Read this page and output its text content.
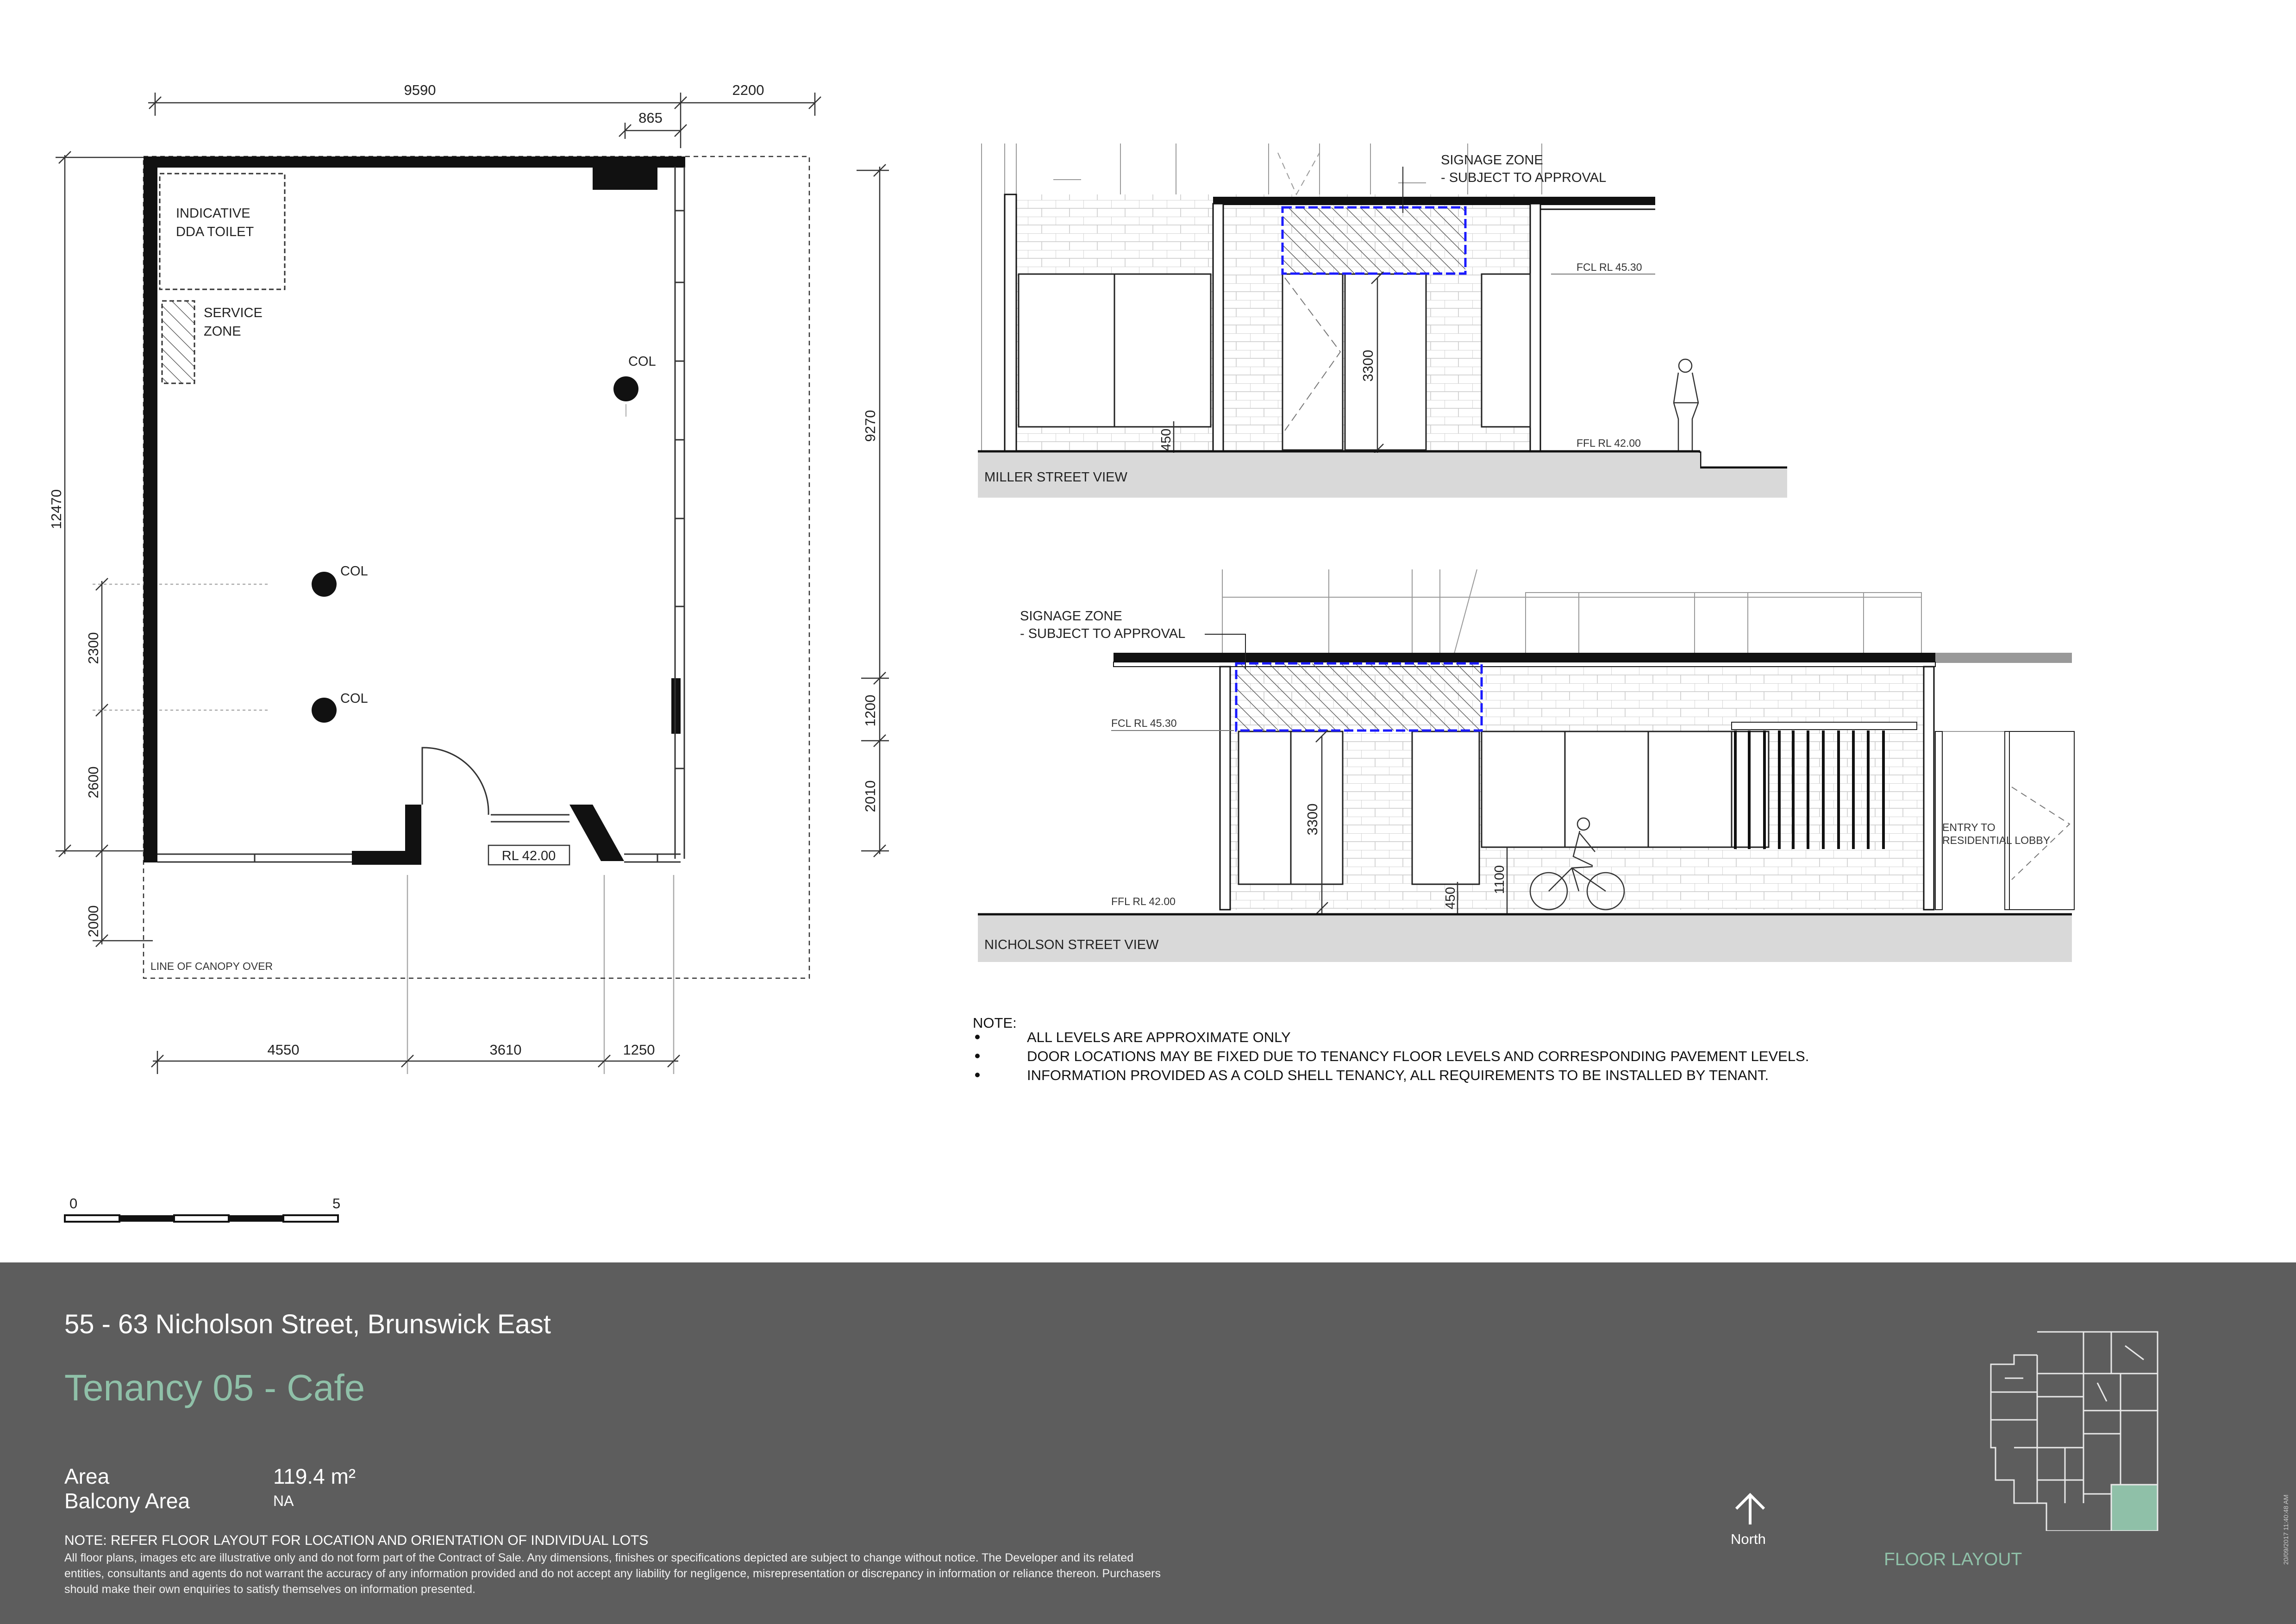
9590
865
2200
12470
2300
2600
2000
9270
1200
2010
4550	3610	1250
INDICATIVE
DDA TOILET
SERVICE
ZONE
COL
COL
COL
RL 42.00
LINE OF CANOPY OVER
SIGNAGE ZONE
- SUBJECT TO APPROVAL
3300
450
FCL RL 45.30
FFL RL 42.00
MILLER STREET VIEW
ENTRY TO
RESIDENTIAL LOBBY
SIGNAGE ZONE
- SUBJECT TO APPROVAL
FCL RL 45.30
FFL RL 42.00
3300
450
1100
NICHOLSON STREET VIEW
NOTE:
ALL LEVELS ARE APPROXIMATE ONLY
DOOR LOCATIONS MAY BE FIXED DUE TO TENANCY FLOOR LEVELS AND CORRESPONDING PAVEMENT LEVELS.
INFORMATION PROVIDED AS A COLD SHELL TENANCY, ALL REQUIREMENTS TO BE INSTALLED BY TENANT.
0	5
55 - 63 Nicholson Street, Brunswick East
Tenancy 05 - Cafe
Area	119.4 m²
Balcony Area	NA
NOTE: REFER FLOOR LAYOUT FOR LOCATION AND ORIENTATION OF INDIVIDUAL LOTS
All floor plans, images etc are illustrative only and do not form part of the Contract of Sale. Any dimensions, finishes or specifications depicted are subject to change without notice. The Developer and its related entities, consultants and agents do not warrant the accuracy of any information provided and do not accept any liability for negligence, misrepresentation or discrepancy in information or reliance thereon. Purchasers should make their own enquiries to satisfy themselves on information presented.
North
FLOOR LAYOUT	20/09/2017 11:40:48 AM
